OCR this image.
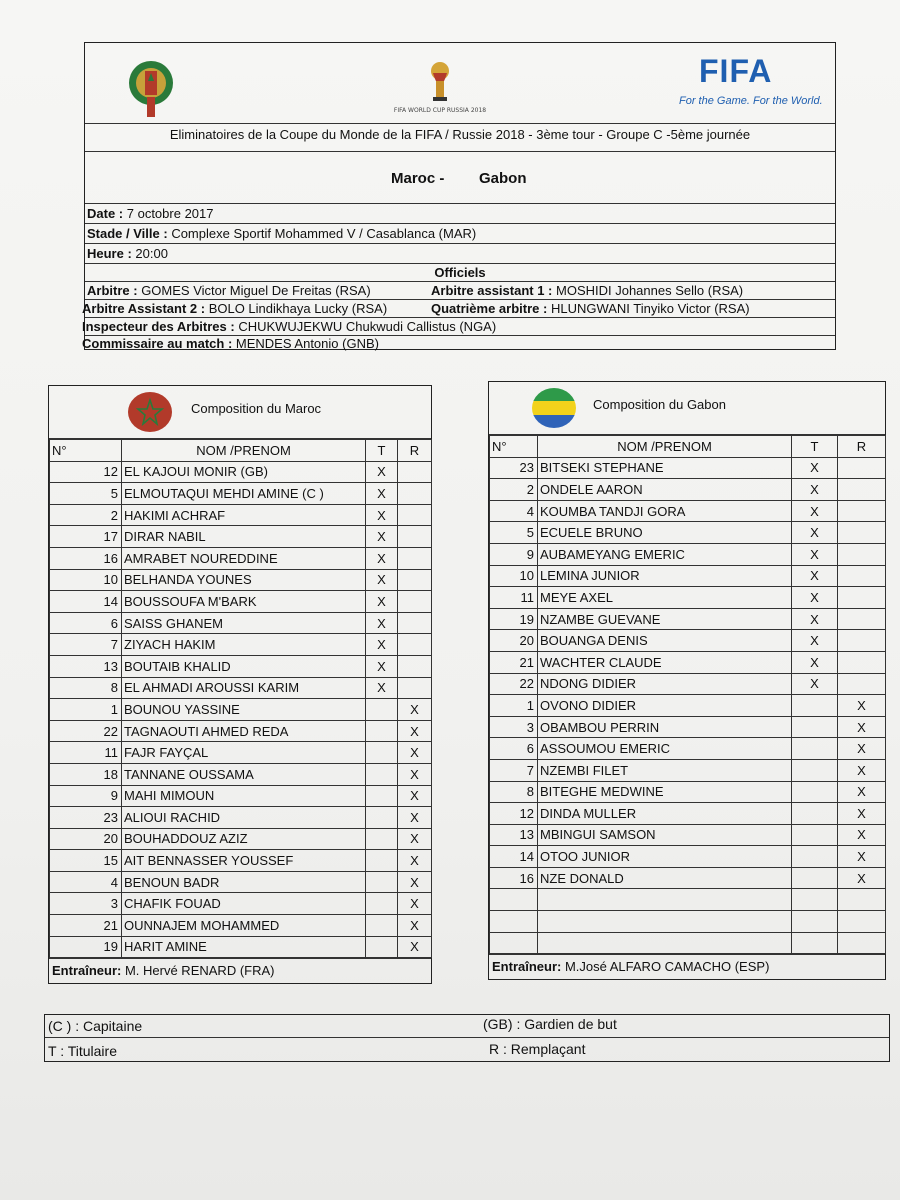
FIFA WORLD CUP RUSSIA 2018
FIFA
For the Game. For the World.
Eliminatoires de la Coupe du Monde de la FIFA / Russie 2018 - 3ème tour - Groupe C -5ème journée
Maroc - Gabon
Date : 7 octobre 2017
Stade / Ville : Complexe Sportif Mohammed V / Casablanca (MAR)
Heure : 20:00
Officiels
Arbitre : GOMES Victor Miguel De Freitas (RSA)	Arbitre assistant 1 : MOSHIDI Johannes Sello (RSA)
Arbitre Assistant 2 : BOLO Lindikhaya Lucky (RSA)	Quatrième arbitre : HLUNGWANI Tinyiko Victor (RSA)
Inspecteur des Arbitres : CHUKWUJEKWU Chukwudi Callistus (NGA)
Commissaire au match : MENDES Antonio (GNB)
Composition du Maroc
N°	NOM /PRENOM	T	R
12	EL KAJOUI MONIR (GB)	X	
5	ELMOUTAQUI MEHDI AMINE (C )	X	
2	HAKIMI ACHRAF	X	
17	DIRAR NABIL	X	
16	AMRABET NOUREDDINE	X	
10	BELHANDA YOUNES	X	
14	BOUSSOUFA M'BARK	X	
6	SAISS GHANEM	X	
7	ZIYACH HAKIM	X	
13	BOUTAIB KHALID	X	
8	EL AHMADI AROUSSI KARIM	X	
1	BOUNOU YASSINE		X
22	TAGNAOUTI AHMED REDA		X
11	FAJR FAYÇAL		X
18	TANNANE OUSSAMA		X
9	MAHI MIMOUN		X
23	ALIOUI RACHID		X
20	BOUHADDOUZ AZIZ		X
15	AIT BENNASSER YOUSSEF		X
4	BENOUN BADR		X
3	CHAFIK FOUAD		X
21	OUNNAJEM MOHAMMED		X
19	HARIT AMINE		X
Entraîneur: M. Hervé RENARD (FRA)
Composition du Gabon
N°	NOM /PRENOM	T	R
23	BITSEKI STEPHANE	X	
2	ONDELE AARON	X	
4	KOUMBA TANDJI GORA	X	
5	ECUELE BRUNO	X	
9	AUBAMEYANG EMERIC	X	
10	LEMINA JUNIOR	X	
11	MEYE AXEL	X	
19	NZAMBE GUEVANE	X	
20	BOUANGA DENIS	X	
21	WACHTER CLAUDE	X	
22	NDONG DIDIER	X	
1	OVONO DIDIER		X
3	OBAMBOU PERRIN		X
6	ASSOUMOU EMERIC		X
7	NZEMBI FILET		X
8	BITEGHE MEDWINE		X
12	DINDA MULLER		X
13	MBINGUI SAMSON		X
14	OTOO JUNIOR		X
16	NZE DONALD		X

Entraîneur: M.José ALFARO CAMACHO (ESP)
(C ) : Capitaine	(GB) : Gardien de but
T : Titulaire	R : Remplaçant
